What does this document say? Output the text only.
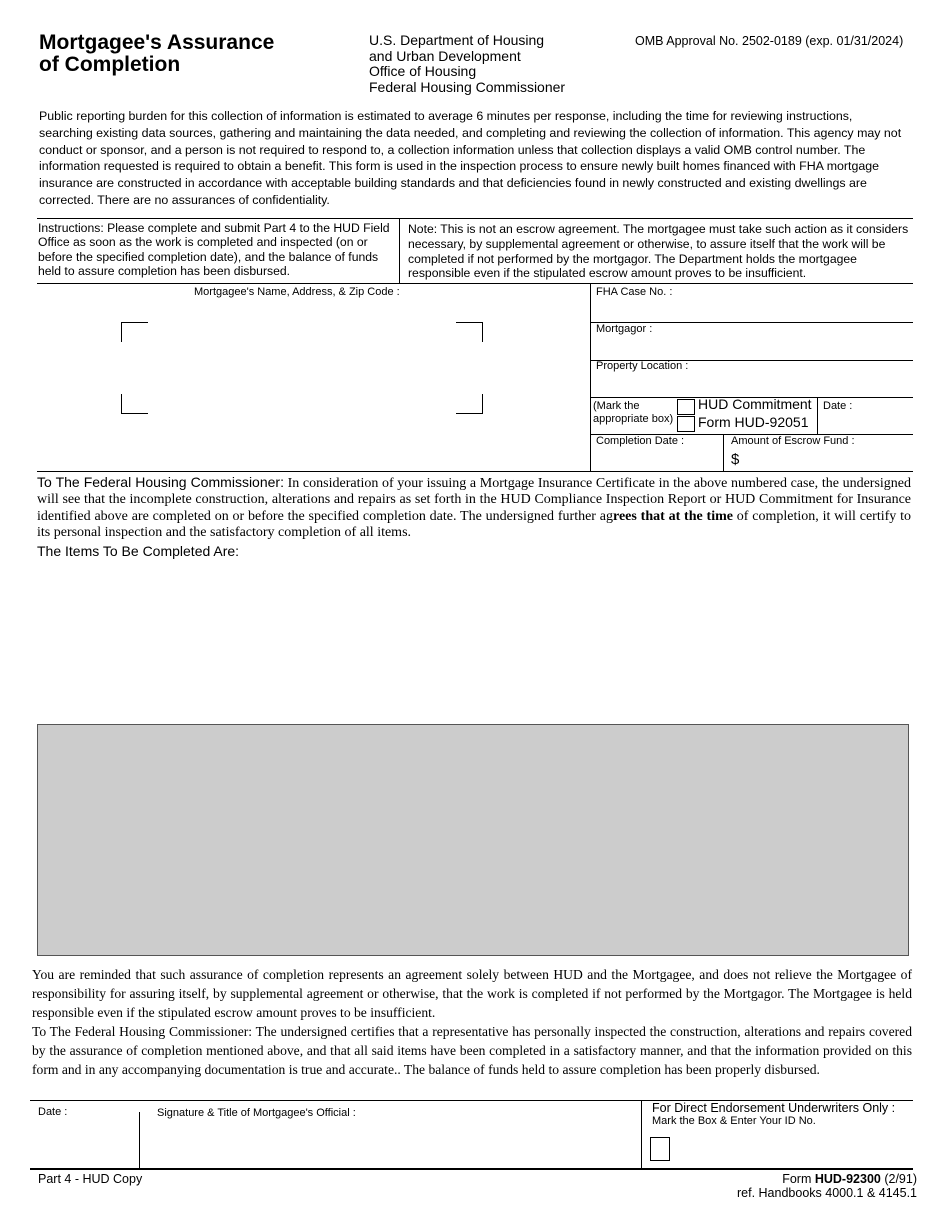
Mortgagee's Assurance
of Completion
U.S. Department of Housing
and Urban Development
Office of Housing
Federal Housing Commissioner
OMB Approval No. 2502-0189 (exp. 01/31/2024)
Public reporting burden for this collection of information is estimated to average 6 minutes per response, including the time for reviewing instructions, searching existing data sources, gathering and maintaining the data needed, and completing and reviewing the collection of information. This agency may not conduct or sponsor, and a person is not required to respond to, a collection information unless that collection displays a valid OMB control number. The information requested is required to obtain a benefit. This form is used in the inspection process to ensure newly built homes financed with FHA mortgage insurance are constructed in accordance with acceptable building standards and that deficiencies found in newly constructed and existing dwellings are corrected. There are no assurances of confidentiality.
Instructions: Please complete and submit Part 4 to the HUD Field Office as soon as the work is completed and inspected (on or before the specified completion date), and the balance of funds held to assure completion has been disbursed.
Note: This is not an escrow agreement. The mortgagee must take such action as it considers necessary, by supplemental agreement or otherwise, to assure itself that the work will be completed if not performed by the mortgagor. The Department holds the mortgagee responsible even if the stipulated escrow amount proves to be insufficient.
Mortgagee's Name, Address, & Zip Code :	FHA Case No. :
Mortgagor :
Property Location :
(Mark the
appropriate box)
HUD Commitment
Form HUD-92051
Date :
Completion Date :	Amount of Escrow Fund :
$
To The Federal Housing Commissioner: In consideration of your issuing a Mortgage Insurance Certificate in the above numbered case, the undersigned will see that the incomplete construction, alterations and repairs as set forth in the HUD Compliance Inspection Report or HUD Commitment for Insurance identified above are completed on or before the specified completion date. The undersigned further agrees that at the time of completion, it will certify to its personal inspection and the satisfactory completion of all items.
The Items To Be Completed Are:

You are reminded that such assurance of completion represents an agreement solely between HUD and the Mortgagee, and does not relieve the Mortgagee of responsibility for assuring itself, by supplemental agreement or otherwise, that the work is completed if not performed by the Mortgagor. The Mortgagee is held responsible even if the stipulated escrow amount proves to be insufficient.

To The Federal Housing Commissioner: The undersigned certifies that a representative has personally inspected the construction, alterations and repairs covered by the assurance of completion mentioned above, and that all said items have been completed in a satisfactory manner, and that the information provided on this form and in any accompanying documentation is true and accurate.. The balance of funds held to assure completion has been properly disbursed.

Date :	Signature & Title of Mortgagee's Official :	For Direct Endorsement Underwriters Only :
Mark the Box & Enter Your ID No.
Part 4 - HUD Copy	Form HUD-92300 (2/91)
ref. Handbooks 4000.1 & 4145.1
